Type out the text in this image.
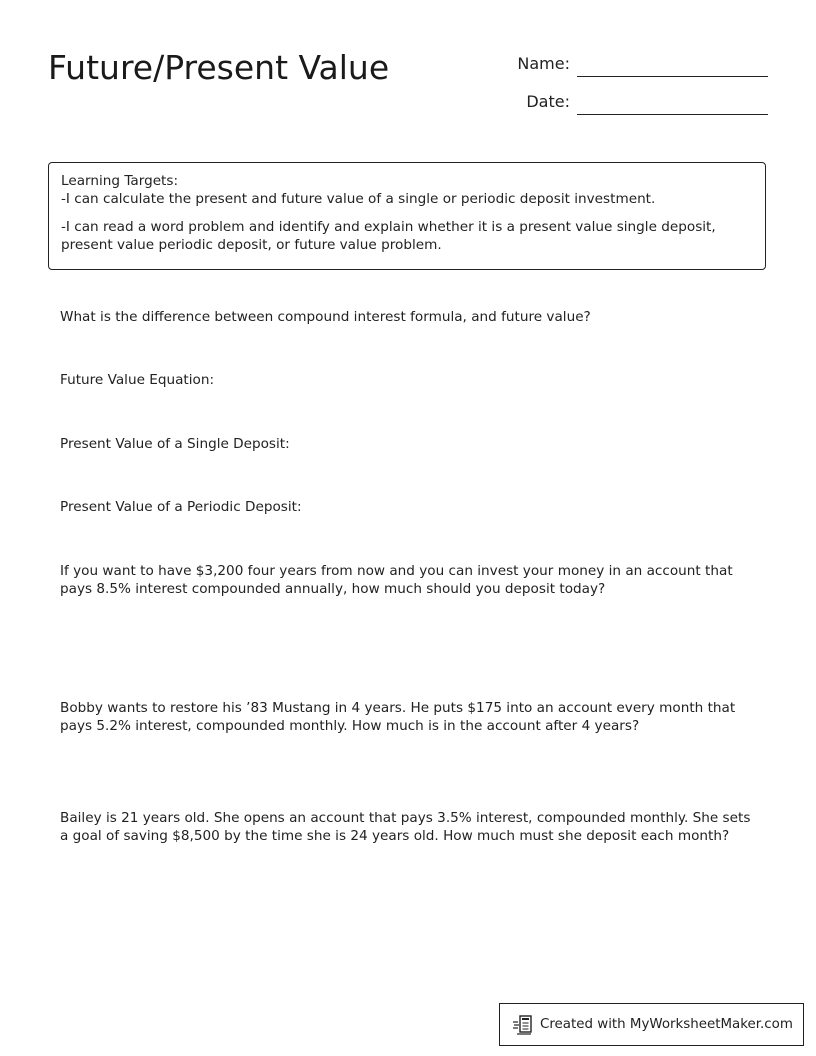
Future/Present Value	Name:
Date:

Learning Targets:

-I can calculate the present and future value of a single or periodic deposit investment.

-I can read a word problem and identify and explain whether it is a present value single deposit, present value periodic deposit, or future value problem.

What is the difference between compound interest formula, and future value?

Future Value Equation:

Present Value of a Single Deposit:

Present Value of a Periodic Deposit:

If you want to have $3,200 four years from now and you can invest your money in an account that pays 8.5% interest compounded annually, how much should you deposit today?

Bobby wants to restore his ’83 Mustang in 4 years. He puts $175 into an account every month that pays 5.2% interest, compounded monthly. How much is in the account after 4 years?

Bailey is 21 years old. She opens an account that pays 3.5% interest, compounded monthly. She sets a goal of saving $8,500 by the time she is 24 years old. How much must she deposit each month?

Created with MyWorksheetMaker.com
